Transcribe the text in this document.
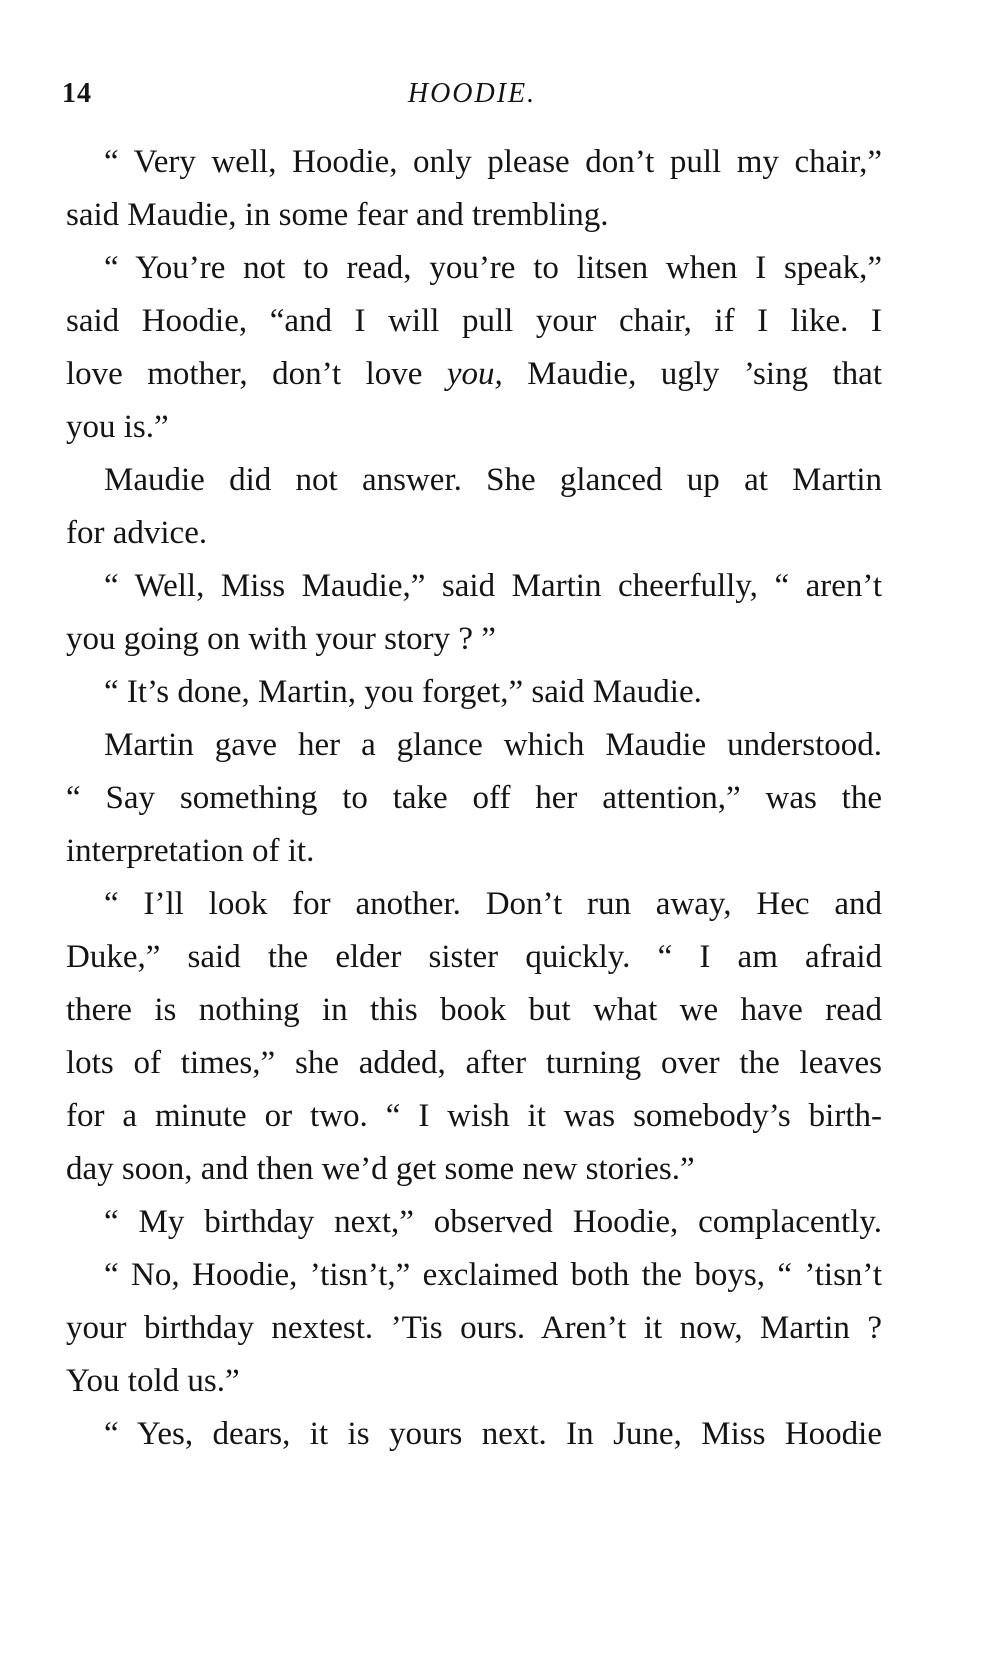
14	HOODIE.
“ Very well, Hoodie, only please don’t pull my chair,”
said Maudie, in some fear and trembling.
“ You’re not to read, you’re to litsen when I speak,”
said Hoodie, “and I will pull your chair, if I like. I
love mother, don’t love you, Maudie, ugly ’sing that
you is.”
Maudie did not answer. She glanced up at Martin
for advice.
“ Well, Miss Maudie,” said Martin cheerfully, “ aren’t
you going on with your story ? ”
“ It’s done, Martin, you forget,” said Maudie.
Martin gave her a glance which Maudie understood.
“ Say something to take off her attention,” was the
interpretation of it.
“ I’ll look for another. Don’t run away, Hec and
Duke,” said the elder sister quickly. “ I am afraid
there is nothing in this book but what we have read
lots of times,” she added, after turning over the leaves
for a minute or two. “ I wish it was somebody’s birth-
day soon, and then we’d get some new stories.”
“ My birthday next,” observed Hoodie, complacently.
“ No, Hoodie, ’tisn’t,” exclaimed both the boys, “ ’tisn’t
your birthday nextest. ’Tis ours. Aren’t it now, Martin ?
You told us.”
“ Yes, dears, it is yours next. In June, Miss Hoodie
